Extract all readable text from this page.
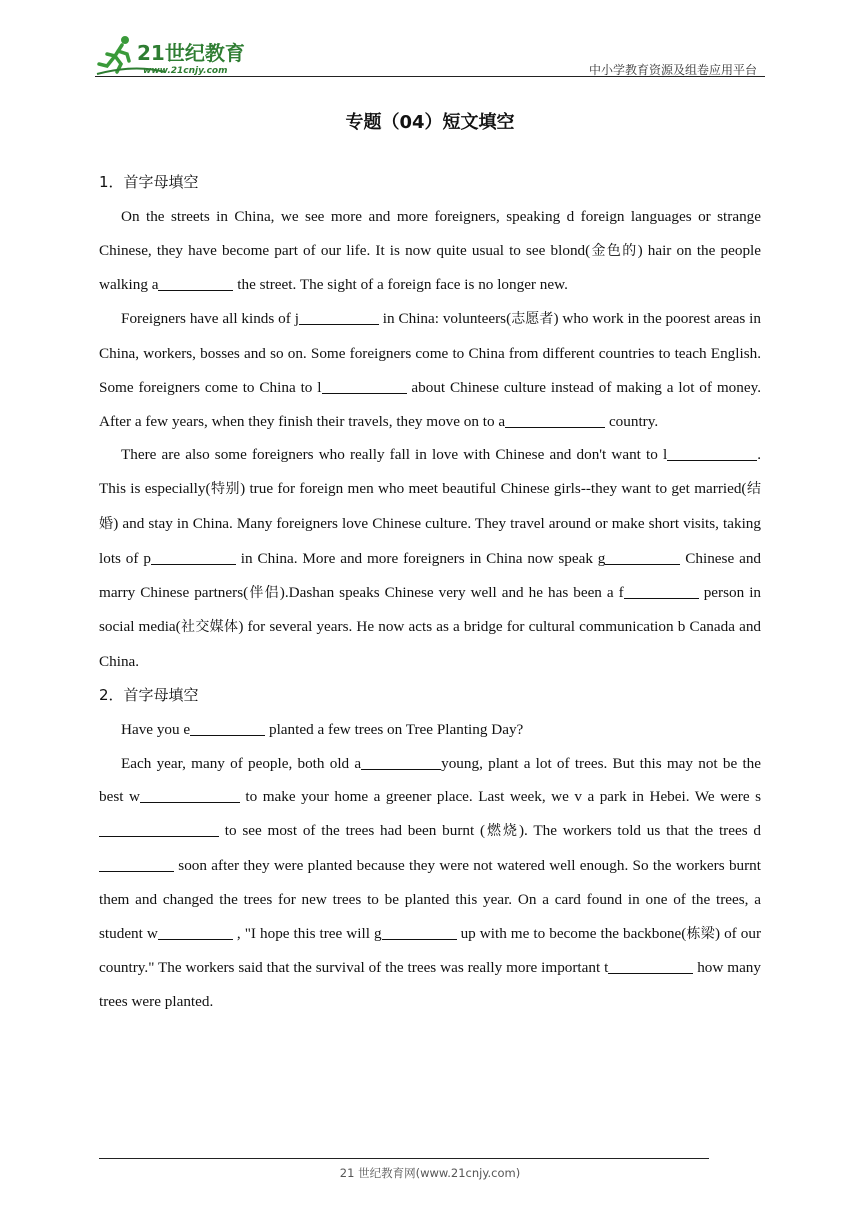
21世纪教育
www.21cnjy.com	中小学教育资源及组卷应用平台
专题（04）短文填空
1．首字母填空
On the streets in China, we see more and more foreigners, speaking d foreign languages or strange Chinese, they have become part of our life. It is now quite usual to see blond(金色的) hair on the people walking a	the street. The sight of a foreign face is no longer new.
Foreigners have all kinds of j	in China: volunteers(志愿者) who work in the poorest areas in China, workers, bosses and so on. Some foreigners come to China from different countries to teach English. Some foreigners come to China to l	about Chinese culture instead of making a lot of money. After a few years, when they finish their travels, they move on to a	country.
There are also some foreigners who really fall in love with Chinese and don't want to l	. This is especially(特别) true for foreign men who meet beautiful Chinese girls--they want to get married(结婚) and stay in China. Many foreigners love Chinese culture. They travel around or make short visits, taking lots of p	in China. More and more foreigners in China now speak g	Chinese and marry Chinese partners(伴侣).Dashan speaks Chinese very well and he has been a f	person in social media(社交媒体) for several years. He now acts as a bridge for cultural communication b Canada and China.
2．首字母填空
Have you e	planted a few trees on Tree Planting Day?
Each year, many of people, both old a	young, plant a lot of trees. But this may not be the best w	to make your home a greener place. Last week, we v a park in Hebei. We were s to see most of the trees had been burnt (燃烧). The workers told us that the trees d soon after they were planted because they were not watered well enough. So the workers burnt them and changed the trees for new trees to be planted this year. On a card found in one of the trees, a student w	, "I hope this tree will g	up with me to become the backbone(栋梁) of our country." The workers said that the survival of the trees was really more important t	how many trees were planted.
21 世纪教育网(www.21cnjy.com)
